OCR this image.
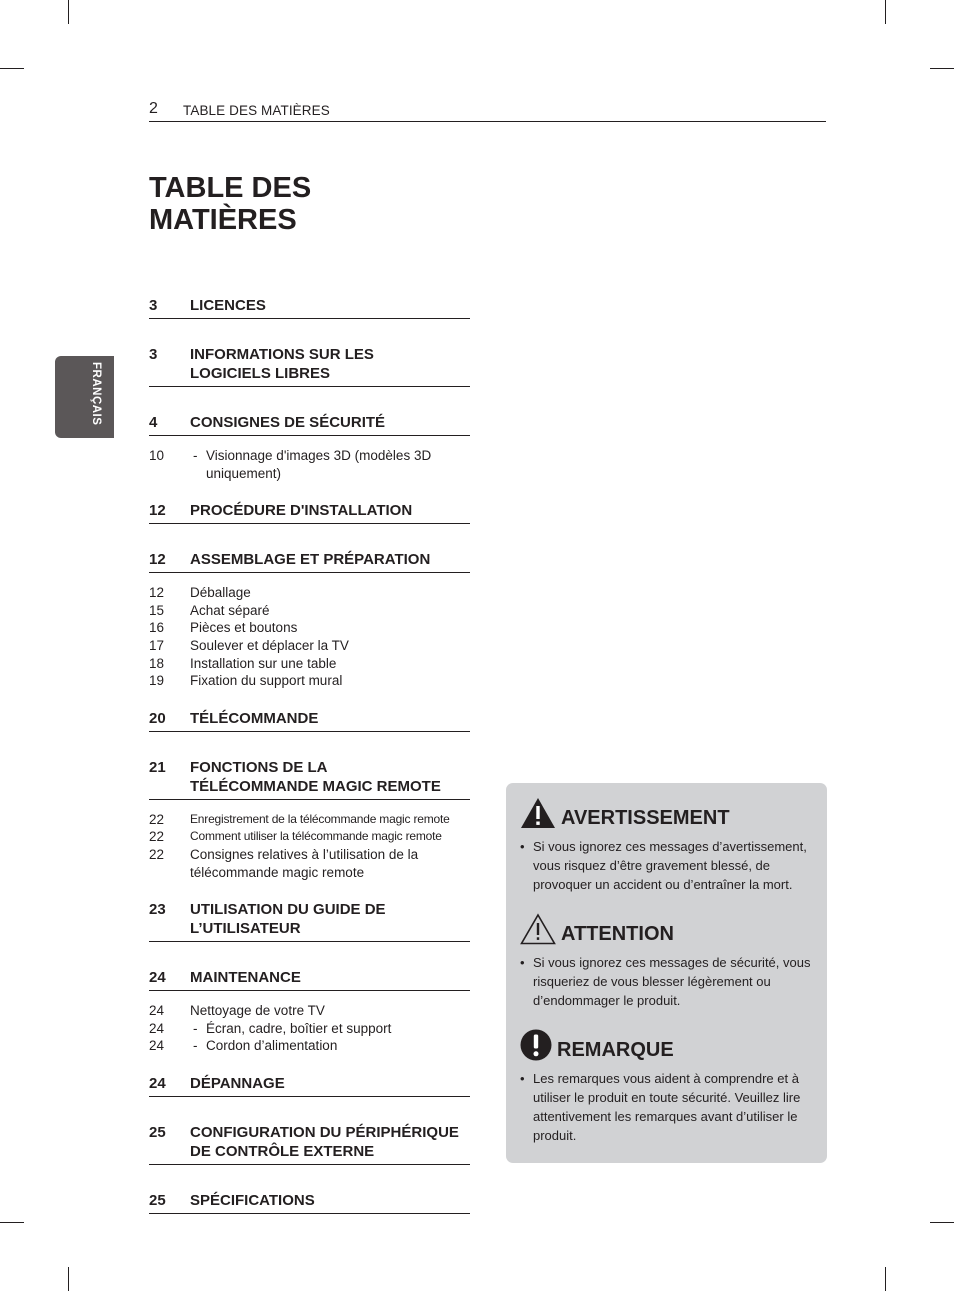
2 TABLE DES MATIÈRES
FRANÇAIS
TABLE DES
MATIÈRES
3	LICENCES
3	INFORMATIONS SUR LES
LOGICIELS LIBRES
4	CONSIGNES DE SÉCURITÉ
10	- Visionnage d'images 3D (modèles 3D
uniquement)
12	PROCÉDURE D'INSTALLATION
12	ASSEMBLAGE ET PRÉPARATION
12	Déballage
15	Achat séparé
16	Pièces et boutons
17	Soulever et déplacer la TV
18	Installation sur une table
19	Fixation du support mural
20	TÉLÉCOMMANDE
21	FONCTIONS DE LA
TÉLÉCOMMANDE MAGIC REMOTE
22	Enregistrement de la télécommande magic remote
22	Comment utiliser la télécommande magic remote
22	Consignes relatives à l’utilisation de la
télécommande magic remote
23	UTILISATION DU GUIDE DE
L’UTILISATEUR
24	MAINTENANCE
24	Nettoyage de votre TV
24	- Écran, cadre, boîtier et support
24	- Cordon d’alimentation
24	DÉPANNAGE
25	CONFIGURATION DU PÉRIPHÉRIQUE
DE CONTRÔLE EXTERNE
25	SPÉCIFICATIONS
AVERTISSEMENT
• Si vous ignorez ces messages d’avertissement, vous risquez d’être gravement blessé, de provoquer un accident ou d’entraîner la mort.
ATTENTION
• Si vous ignorez ces messages de sécurité, vous risqueriez de vous blesser légèrement ou d’endommager le produit.
REMARQUE
• Les remarques vous aident à comprendre et à utiliser le produit en toute sécurité. Veuillez lire attentivement les remarques avant d’utiliser le produit.
